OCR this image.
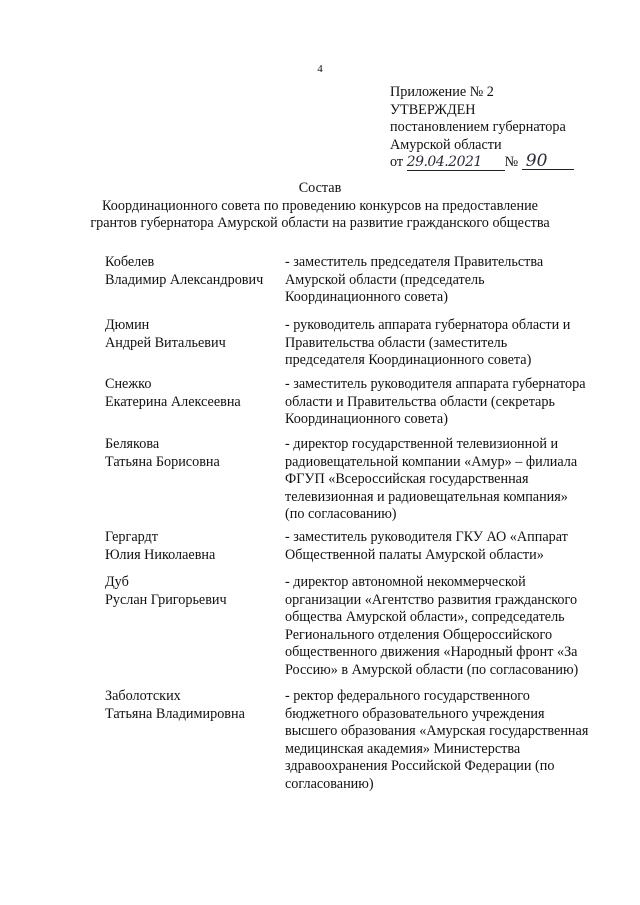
4
Приложение № 2
УТВЕРЖДЕН
постановлением губернатора
Амурской области
от 29.04.2021 № 90
Состав
Координационного совета по проведению конкурсов на предоставление
грантов губернатора Амурской области на развитие гражданского общества
Кобелев
Владимир Александрович
- заместитель председателя Правительства
Амурской области (председатель
Координационного совета)
Дюмин
Андрей Витальевич
- руководитель аппарата губернатора области и
Правительства области (заместитель
председателя Координационного совета)
Снежко
Екатерина Алексеевна
- заместитель руководителя аппарата губернатора
области и Правительства области (секретарь
Координационного совета)
Белякова
Татьяна Борисовна
- директор государственной телевизионной и
радиовещательной компании «Амур» – филиала
ФГУП «Всероссийская государственная
телевизионная и радиовещательная компания»
(по согласованию)
Гергардт
Юлия Николаевна
- заместитель руководителя ГКУ АО «Аппарат
Общественной палаты Амурской области»
Дуб
Руслан Григорьевич
- директор автономной некоммерческой
организации «Агентство развития гражданского
общества Амурской области», сопредседатель
Регионального отделения Общероссийского
общественного движения «Народный фронт «За
Россию» в Амурской области (по согласованию)
Заболотских
Татьяна Владимировна
- ректор федерального государственного
бюджетного образовательного учреждения
высшего образования «Амурская государственная
медицинская академия» Министерства
здравоохранения Российской Федерации (по
согласованию)
